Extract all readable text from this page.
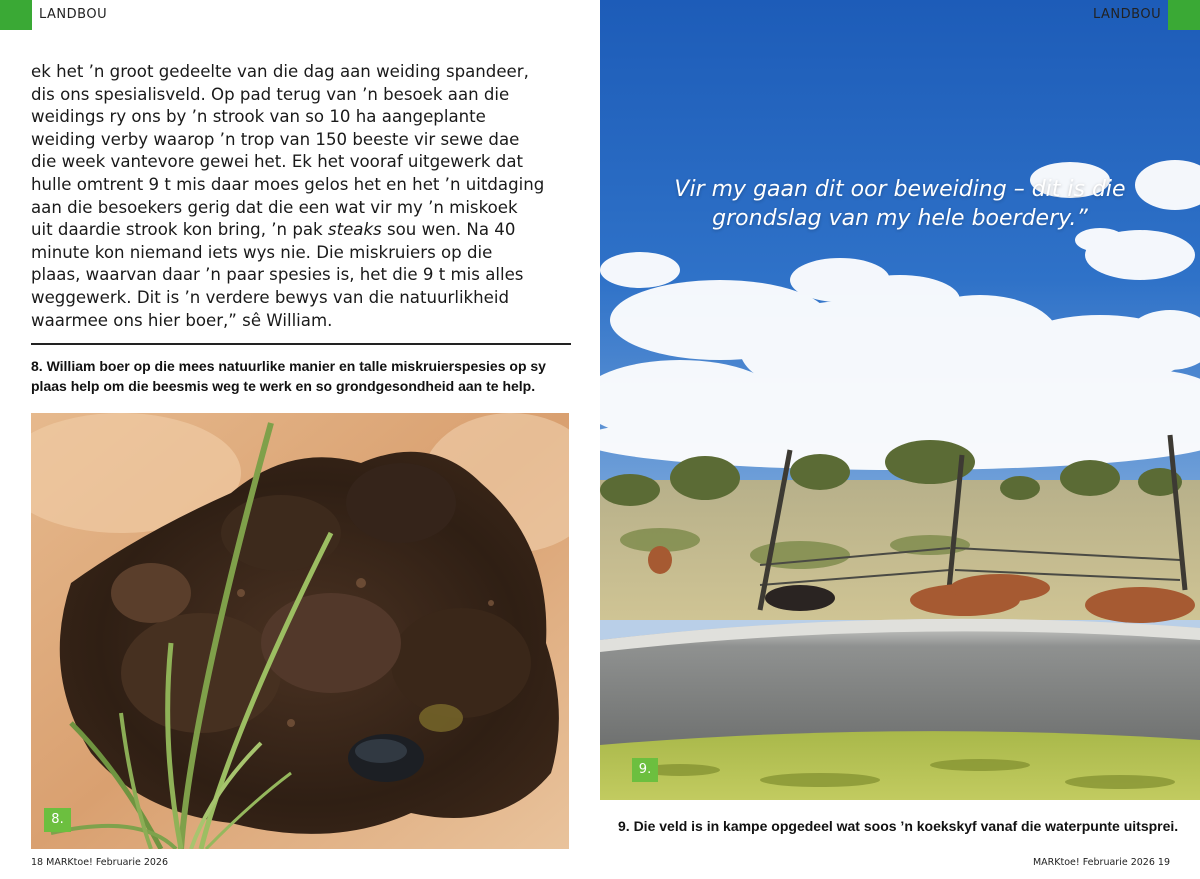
LANDBOU

ek het ’n groot gedeelte van die dag aan weiding spandeer,

dis ons spesialisveld. Op pad terug van ’n besoek aan die

weidings ry ons by ’n strook van so 10 ha aangeplante

weiding verby waarop ’n trop van 150 beeste vir sewe dae

die week vantevore gewei het. Ek het vooraf uitgewerk dat

hulle omtrent 9 t mis daar moes gelos het en het ’n uitdaging

aan die besoekers gerig dat die een wat vir my ’n miskoek

uit daardie strook kon bring, ’n pak steaks sou wen. Na 40

minute kon niemand iets wys nie. Die miskruiers op die

plaas, waarvan daar ’n paar spesies is, het die 9 t mis alles

weggewerk. Dit is ’n verdere bewys van die natuurlikheid

waarmee ons hier boer,” sê William.

8. William boer op die mees natuurlike manier en talle miskruierspesies op sy plaas help om die beesmis weg te werk en so grondgesondheid aan te help.
8.
18 MARKtoe! Februarie 2026
LANDBOU
Vir my gaan dit oor beweiding – dit is die
grondslag van my hele boerdery.”
9.
9. Die veld is in kampe opgedeel wat soos ’n koekskyf vanaf die waterpunte uitsprei.
MARKtoe! Februarie 2026 19
